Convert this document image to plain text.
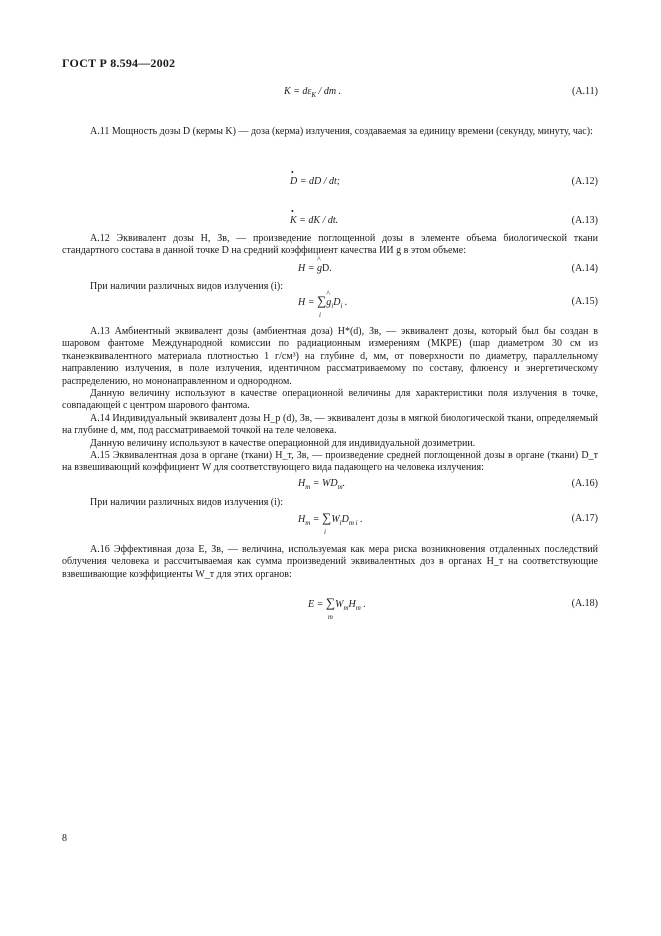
ГОСТ Р 8.594—2002
$K = d\varepsilon_K$ / dm .	(А.11)
А.11 Мощность дозы D (кермы K) — доза (керма) излучения, создаваемая за единицу времени (секунду, минуту, час):
• D = dD / dt;	(А.12)
• K = dK / dt.	(А.13)
А.12 Эквивалент дозы H, Зв, — произведение поглощенной дозы в элементе объема биологической ткани стандартного состава в данной точке D на средний коэффициент качества ИИ g в этом объеме:
H = ^ gD.	(А.14)
При наличии различных видов излучения (i):
H = ∑
i
^ $g_iD_i$ .	(А.15)
А.13 Амбиентный эквивалент дозы (амбиентная доза) H*(d), Зв, — эквивалент дозы, который был бы создан в шаровом фантоме Международной комиссии по радиационным измерениям (МКРЕ) (шар диаметром 30 см из тканеэквивалентного материала плотностью 1 г/см³) на глубине d, мм, от поверхности по диаметру, параллельному направлению излучения, в поле излучения, идентичном рассматриваемому по составу, флюенсу и энергетическому распределению, но мононаправленном и однородном.
Данную величину используют в качестве операционной величины для характеристики поля излучения в точке, совпадающей с центром шарового фантома.
А.14 Индивидуальный эквивалент дозы H_p (d), Зв, — эквивалент дозы в мягкой биологической ткани, определяемый на глубине d, мм, под рассматриваемой точкой на теле человека.
Данную величину используют в качестве операционной для индивидуальной дозиметрии.
А.15 Эквивалентная доза в органе (ткани) H_т, Зв, — произведение средней поглощенной дозы в органе (ткани) D_т на взвешивающий коэффициент W для соответствующего вида падающего на человека излучения:
$H_т = WD_т$.	(А.16)
При наличии различных видов излучения (i):
$H_т$ = ∑
i
$W_iD_{т i}$ .	(А.17)
А.16 Эффективная доза E, Зв, — величина, используемая как мера риска возникновения отдаленных последствий облучения человека и рассчитываемая как сумма произведений эквивалентных доз в органах H_т на соответствующие взвешивающие коэффициенты W_т для этих органов:
E = ∑
т
$W_тH_т$ .	(А.18)
8
